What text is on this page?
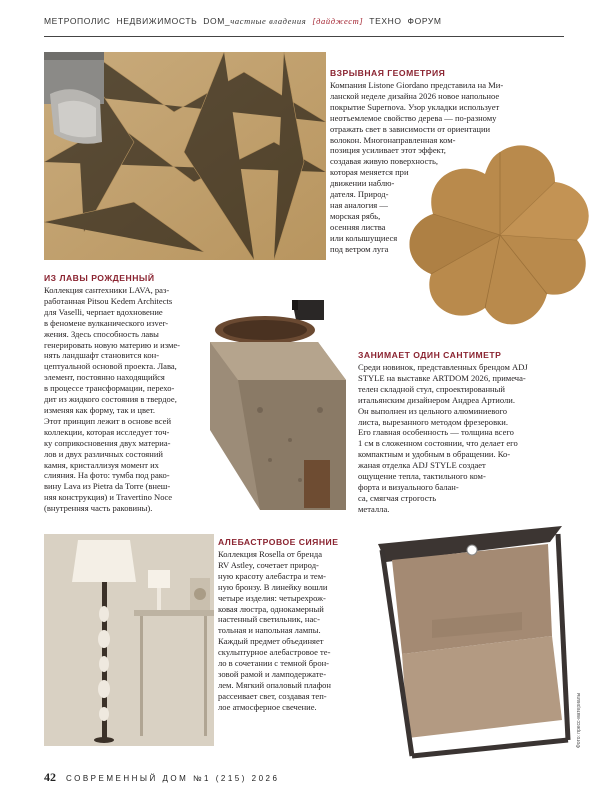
МЕТРОПОЛИС НЕДВИЖИМОСТЬ DOM_частные владения [дайджест] ТЕХНО ФОРУМ
Фото: пресс-материалы
ВЗРЫВНАЯ ГЕОМЕТРИЯ

Компания Listone Giordano представила на Ми-
ланской неделе дизайна 2026 новое напольное
покрытие Supernova. Узор укладки использует
неотъемлемое свойство дерева — по-разному
отражать свет в зависимости от ориентации
волокон. Многонаправленная ком-
позиция усиливает этот эффект,
создавая живую поверхность,
которая меняется при
движении наблю-
дателя. Природ-
ная аналогия —
морская рябь,
осенняя листва
или колышущиеся
под ветром луга

ИЗ ЛАВЫ РОЖДЕННЫЙ

Коллекция сантехники LAVA, раз-
работанная Pitsou Kedem Architects
для Vaselli, черпает вдохновение
в феномене вулканического изver-
жения. Здесь способность лавы
генерировать новую материю и изме-
нять ландшафт становится кон-
цептуальной основой проекта. Лава,
элемент, постоянно находящийся
в процессе трансформации, перехо-
дит из жидкого состояния в твердое,
изменяя как форму, так и цвет.
Этот принцип лежит в основе всей
коллекции, которая исследует точ-
ку соприкосновения двух материа-
лов и двух различных состояний
камня, кристаллизуя момент их
слияния. На фото: тумба под рако-
вину Lava из Pietra da Torre (внеш-
няя конструкция) и Travertino Noce
(внутренняя часть раковины).

ЗАНИМАЕТ ОДИН САНТИМЕТР

Среди новинок, представленных брендом ADJ
STYLE на выставке ARTDOM 2026, примеча-
телен складной стул, спроектированный
итальянским дизайнером Андреа Артиоли.
Он выполнен из цельного алюминиевого
листа, вырезанного методом фрезеровки.
Его главная особенность — толщина всего
1 см в сложенном состоянии, что делает его
компактным и удобным в обращении. Ко-
жаная отделка ADJ STYLE создает
ощущение тепла, тактильного ком-
форта и визуального балан-
са, смягчая строгость
металла.

АЛЕБАСТРОВОЕ СИЯНИЕ

Коллекция Rosella от бренда
RV Astley, сочетает природ-
ную красоту алебастра и тем-
ную бронзу. В линейку вошли
четыре изделия: четырехрож-
ковая люстра, однокамерный
настенный светильник, нас-
тольная и напольная лампы.
Каждый предмет объединяет
скульптурное алебастровое те-
ло в сочетании с темной брон-
зовой рамой и ламподержате-
лем. Мягкий опаловый плафон
рассеивает свет, создавая теп-
лое атмосферное свечение.

42 СОВРЕМЕННЫЙ ДОМ №1 (215) 2026
